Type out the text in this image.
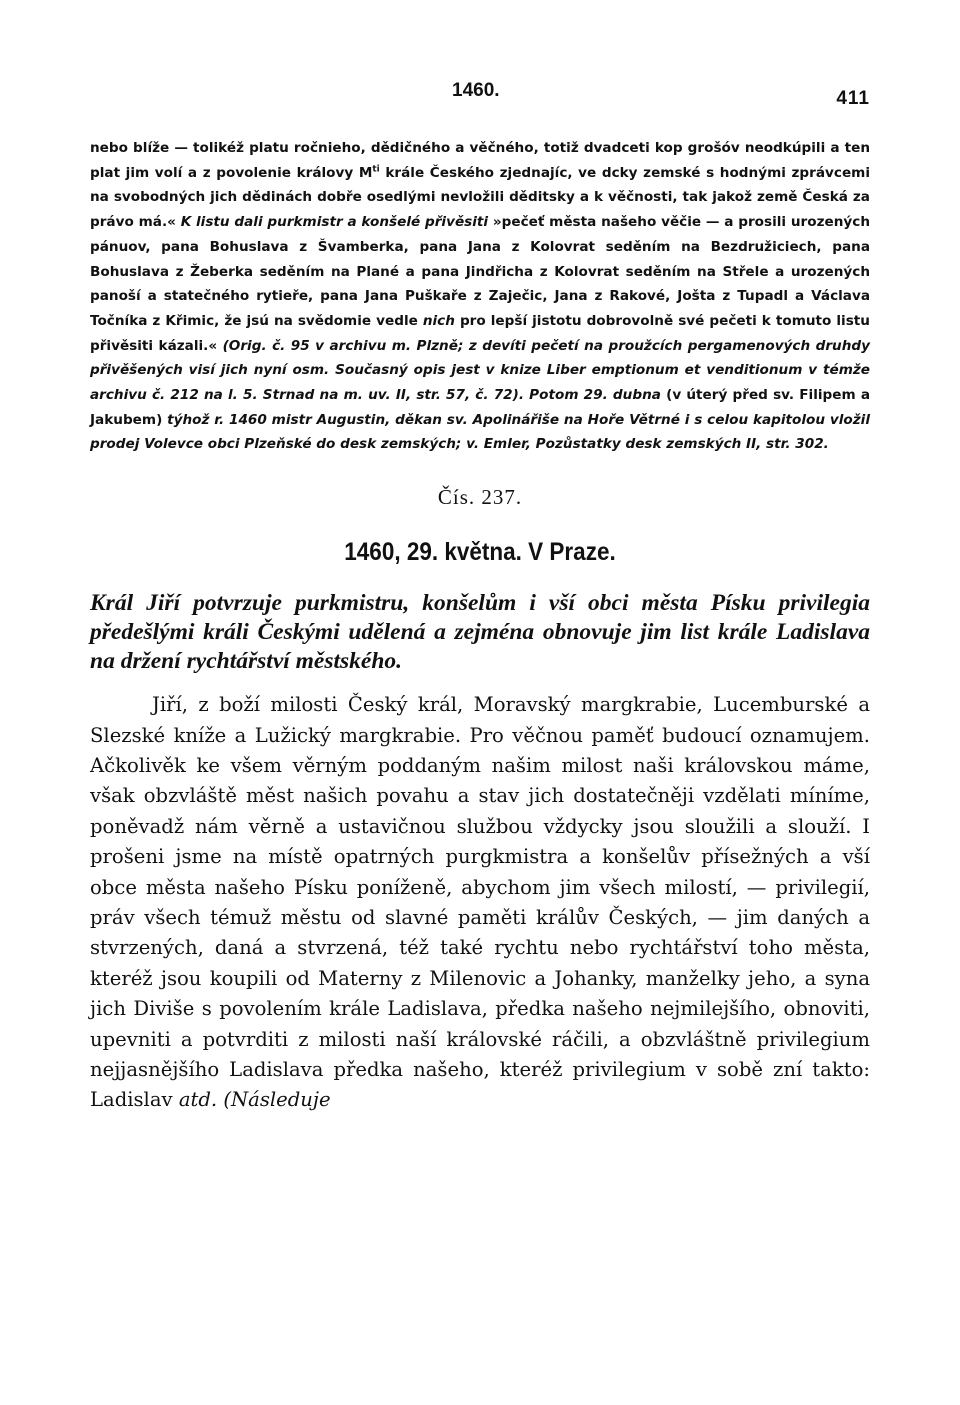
1460.	411
nebo blíže — tolikéž platu ročnieho, dědičného a věčného, totiž dvadceti kop grošóv neodkúpili a ten plat jim volí a z povolenie královy $M^{ti}$ krále Českého zjednajíc, ve dcky zemské s hodnými zprávcemi na svobodných jich dědinách dobře osedlými nevložili děditsky a k věčnosti, tak jakož země Česká za právo má.« K listu dali purkmistr a konšelé přivěsiti »pečeť města našeho věčie — a prosili urozených pánuov, pana Bohuslava z Švamberka, pana Jana z Kolovrat seděním na Bezdružiciech, pana Bohuslava z Žeberka seděním na Plané a pana Jindřicha z Kolovrat seděním na Střele a urozených panoší a statečného rytieře, pana Jana Puškaře z Zaječic, Jana z Rakové, Jošta z Tupadl a Václava Točníka z Křimic, že jsú na svědomie vedle nich pro lepší jistotu dobrovolně své pečeti k tomuto listu přivěsiti kázali.« (Orig. č. 95 v archivu m. Plzně; z devíti pečetí na proužcích pergamenových druhdy přivěšených visí jich nyní osm. Současný opis jest v knize Liber emptionum et venditionum v témže archivu č. 212 na l. 5. Strnad na m. uv. II, str. 57, č. 72). Potom 29. dubna (v úterý před sv. Filipem a Jakubem) týhož r. 1460 mistr Augustin, děkan sv. Apolinářiše na Hoře Větrné i s celou kapitolou vložil prodej Volevce obci Plzeňské do desk zemských; v. Emler, Pozůstatky desk zemských II, str. 302.
Čís. 237.
1460, 29. května. V Praze.
Král Jiří potvrzuje purkmistru, konšelům i vší obci města Písku privilegia předešlými králi Českými udělená a zejména obnovuje jim list krále Ladislava na držení rychtářství městského.
Jiří, z boží milosti Český král, Moravský margkrabie, Lucemburské a Slezské kníže a Lužický margkrabie. Pro věčnou paměť budoucí oznamujem. Ačkolivěk ke všem věrným poddaným našim milost naši královskou máme, však obzvláště měst našich povahu a stav jich dostatečněji vzdělati míníme, poněvadž nám věrně a ustavičnou službou vždycky jsou sloužili a slouží. I prošeni jsme na místě opatrných purgkmistra a konšelův přísežných a vší obce města našeho Písku poníženě, abychom jim všech milostí, — privilegií, práv všech témuž městu od slavné paměti králův Českých, — jim daných a stvrzených, daná a stvrzená, též také rychtu nebo rychtářství toho města, kteréž jsou koupili od Materny z Milenovic a Johanky, manželky jeho, a syna jich Diviše s povolením krále Ladislava, předka našeho nejmilejšího, obnoviti, upevniti a potvrditi z milosti naší královské ráčili, a obzvláštně privilegium nejjasnějšího Ladislava předka našeho, kteréž privilegium v sobě zní takto: Ladislav atd. (Následuje
